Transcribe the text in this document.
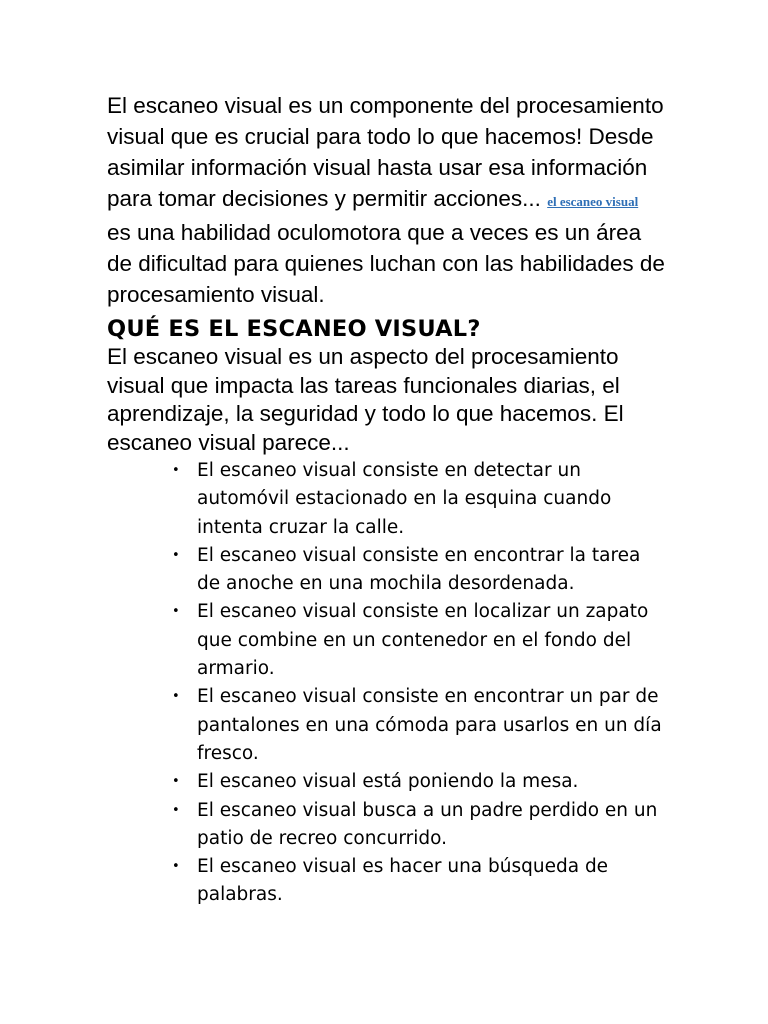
El escaneo visual es un componente del procesamiento visual que es crucial para todo lo que hacemos! Desde asimilar información visual hasta usar esa información para tomar decisiones y permitir acciones... el escaneo visual es una habilidad oculomotora que a veces es un área de dificultad para quienes luchan con las habilidades de procesamiento visual.

QUÉ ES EL ESCANEO VISUAL?

El escaneo visual es un aspecto del procesamiento visual que impacta las tareas funcionales diarias, el aprendizaje, la seguridad y todo lo que hacemos. El escaneo visual parece...

• El escaneo visual consiste en detectar un automóvil estacionado en la esquina cuando intenta cruzar la calle.
• El escaneo visual consiste en encontrar la tarea de anoche en una mochila desordenada.
• El escaneo visual consiste en localizar un zapato que combine en un contenedor en el fondo del armario.
• El escaneo visual consiste en encontrar un par de pantalones en una cómoda para usarlos en un día fresco.
• El escaneo visual está poniendo la mesa.
• El escaneo visual busca a un padre perdido en un patio de recreo concurrido.
• El escaneo visual es hacer una búsqueda de palabras.
